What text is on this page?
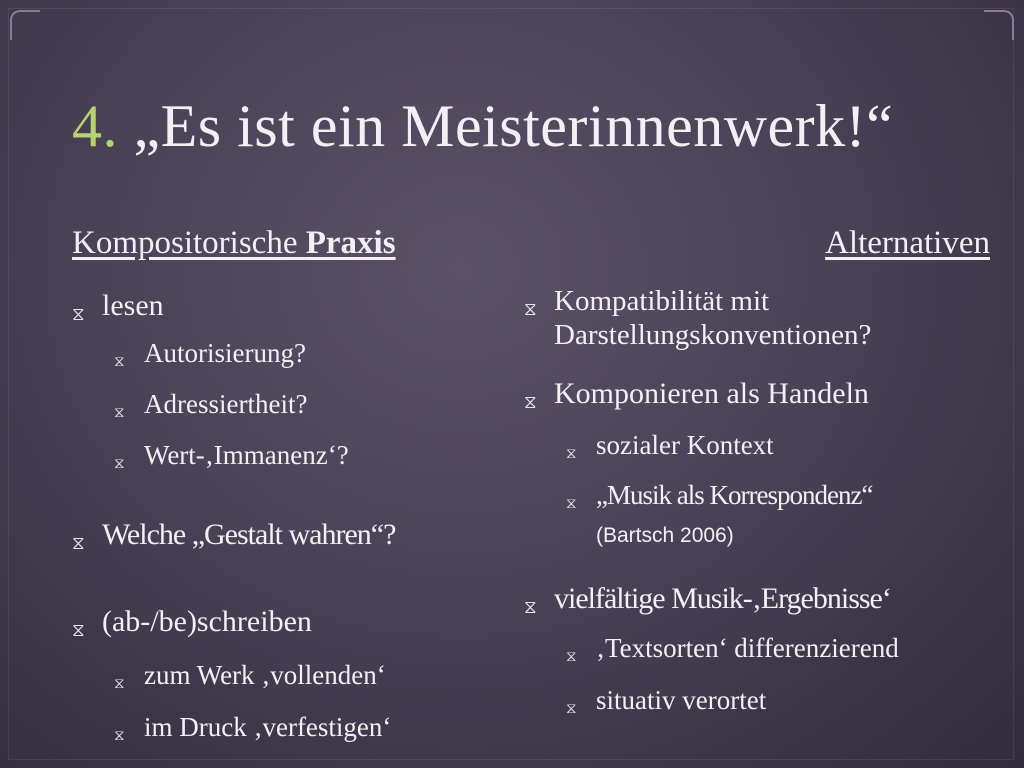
4. „Es ist ein Meisterinnenwerk!“
Kompositorische Praxis	Alternativen
⧖ lesen
⧖ Autorisierung?
⧖ Adressiertheit?
⧖ Wert-‚Immanenz‘?
⧖ Welche „Gestalt wahren“?
⧖ (ab-/be)schreiben
⧖ zum Werk ‚vollenden‘
⧖ im Druck ‚verfestigen‘
⧖ Kompatibilität mit Darstellungskonventionen?
⧖ Komponieren als Handeln
⧖ sozialer Kontext
⧖ „Musik als Korrespondenz“
(Bartsch 2006)
⧖ vielfältige Musik-‚Ergebnisse‘
⧖ ‚Textsorten‘ differenzierend
⧖ situativ verortet
